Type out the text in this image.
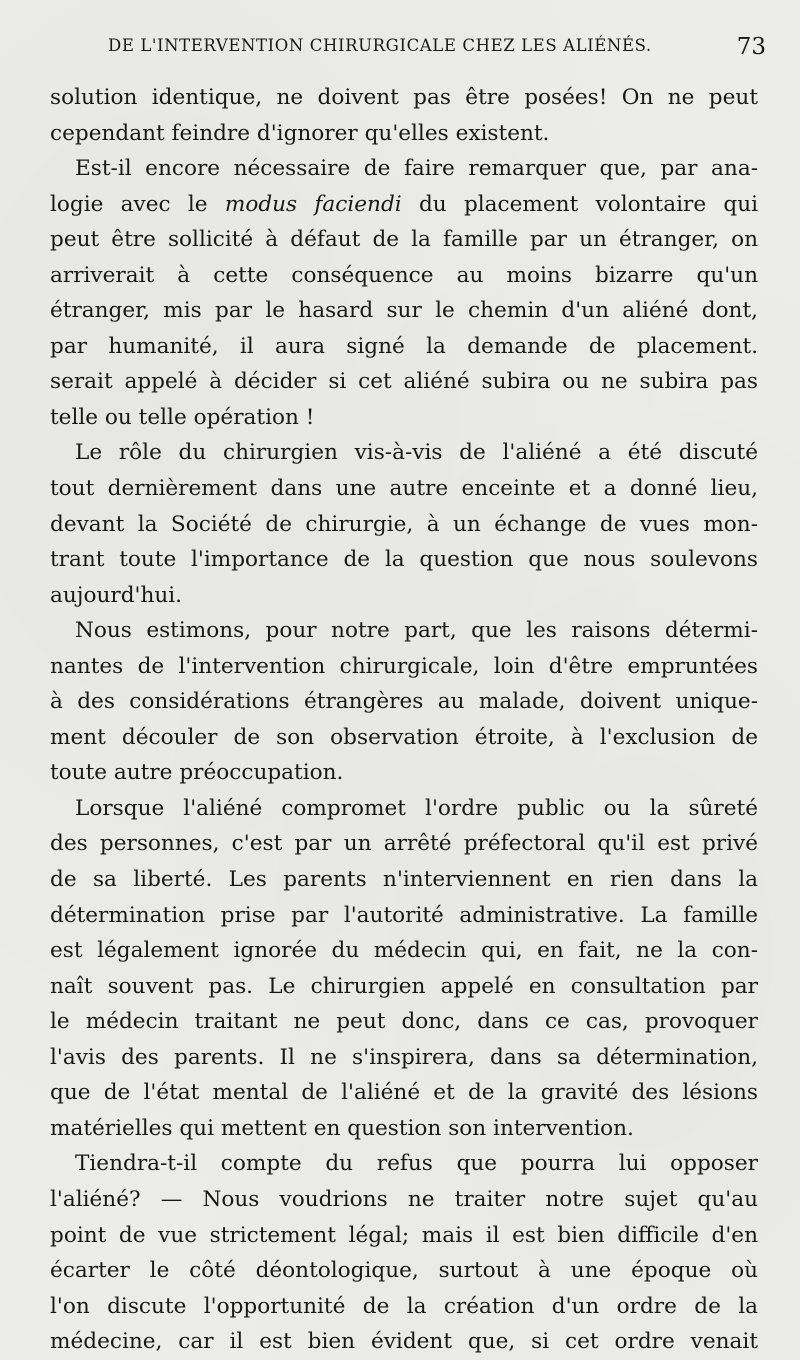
DE L'INTERVENTION CHIRURGICALE CHEZ LES ALIÉNÉS.	73
solution identique, ne doivent pas être posées! On ne peut
cependant feindre d'ignorer qu'elles existent.
Est-il encore nécessaire de faire remarquer que, par ana-
logie avec le modus faciendi du placement volontaire qui
peut être sollicité à défaut de la famille par un étranger, on
arriverait à cette conséquence au moins bizarre qu'un
étranger, mis par le hasard sur le chemin d'un aliéné dont,
par humanité, il aura signé la demande de placement.
serait appelé à décider si cet aliéné subira ou ne subira pas
telle ou telle opération !
Le rôle du chirurgien vis-à-vis de l'aliéné a été discuté
tout dernièrement dans une autre enceinte et a donné lieu,
devant la Société de chirurgie, à un échange de vues mon-
trant toute l'importance de la question que nous soulevons
aujourd'hui.
Nous estimons, pour notre part, que les raisons détermi-
nantes de l'intervention chirurgicale, loin d'être empruntées
à des considérations étrangères au malade, doivent unique-
ment découler de son observation étroite, à l'exclusion de
toute autre préoccupation.
Lorsque l'aliéné compromet l'ordre public ou la sûreté
des personnes, c'est par un arrêté préfectoral qu'il est privé
de sa liberté. Les parents n'interviennent en rien dans la
détermination prise par l'autorité administrative. La famille
est légalement ignorée du médecin qui, en fait, ne la con-
naît souvent pas. Le chirurgien appelé en consultation par
le médecin traitant ne peut donc, dans ce cas, provoquer
l'avis des parents. Il ne s'inspirera, dans sa détermination,
que de l'état mental de l'aliéné et de la gravité des lésions
matérielles qui mettent en question son intervention.
Tiendra-t-il compte du refus que pourra lui opposer
l'aliéné? — Nous voudrions ne traiter notre sujet qu'au
point de vue strictement légal; mais il est bien difficile d'en
écarter le côté déontologique, surtout à une époque où
l'on discute l'opportunité de la création d'un ordre de la
médecine, car il est bien évident que, si cet ordre venait
